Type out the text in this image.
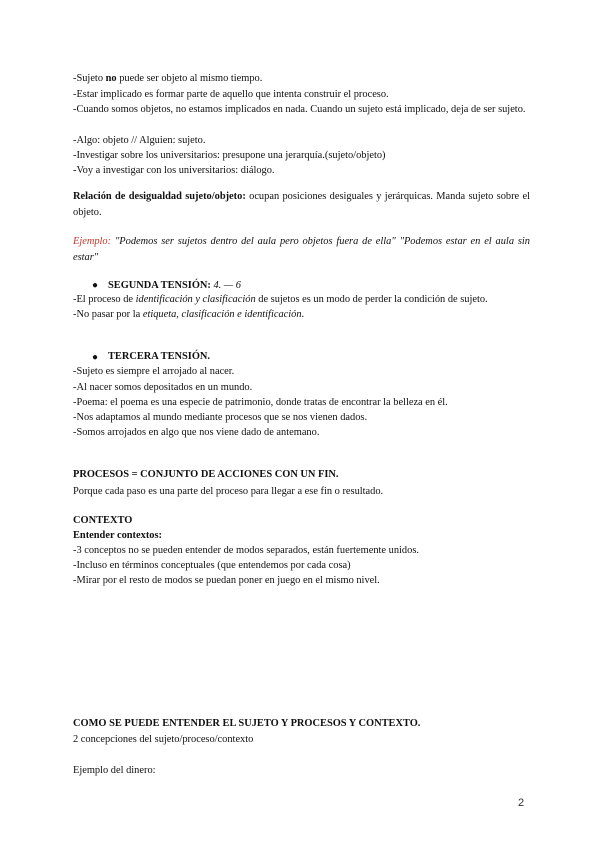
-Sujeto no puede ser objeto al mismo tiempo.

-Estar implicado es formar parte de aquello que intenta construir el proceso.

-Cuando somos objetos, no estamos implicados en nada. Cuando un sujeto está implicado, deja de ser sujeto.

-Algo: objeto // Alguien: sujeto.

-Investigar sobre los universitarios: presupone una jerarquía.(sujeto/objeto)

-Voy a investigar con los universitarios: diálogo.

Relación de desigualdad sujeto/objeto: ocupan posiciones desiguales y jerárquicas. Manda sujeto sobre el objeto.

Ejemplo: "Podemos ser sujetos dentro del aula pero objetos fuera de ella" "Podemos estar en el aula sin estar"

● SEGUNDA TENSIÓN: 4. — 6

-El proceso de identificación y clasificación de sujetos es un modo de perder la condición de sujeto.

-No pasar por la etiqueta, clasificación e identificación.

● TERCERA TENSIÓN.

-Sujeto es siempre el arrojado al nacer.

-Al nacer somos depositados en un mundo.

-Poema: el poema es una especie de patrimonio, donde tratas de encontrar la belleza en él.

-Nos adaptamos al mundo mediante procesos que se nos vienen dados.

-Somos arrojados en algo que nos viene dado de antemano.

PROCESOS = CONJUNTO DE ACCIONES CON UN FIN.

Porque cada paso es una parte del proceso para llegar a ese fin o resultado.

CONTEXTO

Entender contextos:

-3 conceptos no se pueden entender de modos separados, están fuertemente unidos.

-Incluso en términos conceptuales (que entendemos por cada cosa)

-Mirar por el resto de modos se puedan poner en juego en el mismo nivel.

COMO SE PUEDE ENTENDER EL SUJETO Y PROCESOS Y CONTEXTO.

2 concepciones del sujeto/proceso/contexto

Ejemplo del dinero:

2
